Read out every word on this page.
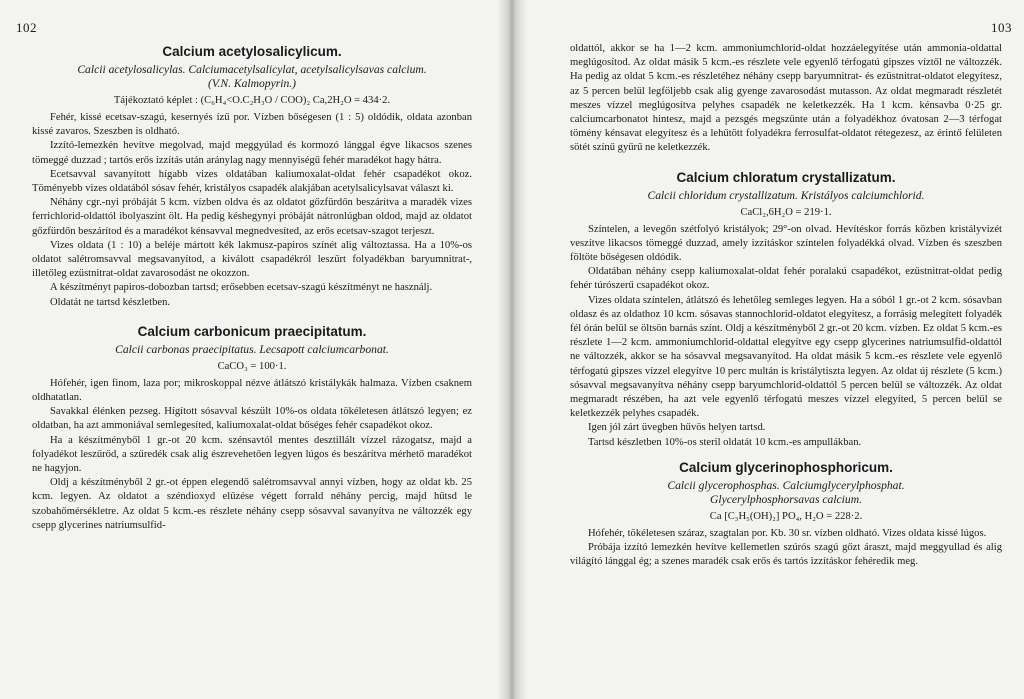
102
Calcium acetylosalicylicum.
Calcii acetylosalicylas. Calciumacetylsalicylat, acetylsalicylsavas calcium.
(V.N. Kalmopyrin.)
Tájékoztató képlet : (C₆H₄<O.C₂H₃O / COO)₂ Ca,2H₂O = 434·2.

Fehér, kissé ecetsav-szagú, kesernyés ízű por. Vízben bőségesen (1 : 5) oldódik, oldata azonban kissé zavaros. Szeszben is oldható.

Izzító-lemezkén hevítve megolvad, majd meggyúlad és kormozó lánggal égve likacsos szenes tömeggé duzzad ; tartós erős izzítás után aránylag nagy mennyiségű fehér maradékot hagy hátra.

Ecetsavval savanyított hígabb vizes oldatában kaliumoxalat-oldat fehér csapadékot okoz. Töményebb vizes oldatából sósav fehér, kristályos csapadék alakjában acetylsalicylsavat választ ki.

Néhány cgr.-nyi próbáját 5 kcm. vízben oldva és az oldatot gőzfürdőn beszárítva a maradék vizes ferrichlorid-oldattól ibolyaszínt ölt. Ha pedig késhegynyi próbáját nátronlúgban oldod, majd az oldatot gőzfürdőn beszárítod és a maradékot kénsavval megnedvesíted, az erős ecetsav-szagot terjeszt.

Vizes oldata (1 : 10) a beléje mártott kék lakmusz-papiros színét alig változtassa. Ha a 10%-os oldatot salétromsavval megsavanyítod, a kiválott csapadékról leszűrt folyadékban baryumnitrat-, illetőleg ezüstnitrat-oldat zavarosodást ne okozzon.

A készítményt papiros-dobozban tartsd; erősebben ecetsav-szagú készítményt ne használj.

Oldatát ne tartsd készletben.

Calcium carbonicum praecipitatum.
Calcii carbonas praecipitatus. Lecsapott calciumcarbonat.
CaCO₃ = 100·1.

Hófehér, igen finom, laza por; mikroskoppal nézve átlátszó kristálykák halmaza. Vízben csaknem oldhatatlan.

Savakkal élénken pezseg. Hígított sósavval készült 10%-os oldata tökéletesen átlátszó legyen; ez oldatban, ha azt ammoniával semlegesíted, kaliumoxalat-oldat bőséges fehér csapadékot okoz.

Ha a készítményből 1 gr.-ot 20 kcm. szénsavtól mentes desztillált vízzel rázogatsz, majd a folyadékot leszűröd, a szűredék csak alig észrevehetően legyen lúgos és beszárítva mérhető maradékot ne hagyjon.

Oldj a készítményből 2 gr.-ot éppen elegendő salétromsavval annyi vízben, hogy az oldat kb. 25 kcm. legyen. Az oldatot a széndioxyd elűzése végett forrald néhány percig, majd hűtsd le szobahőmérsékletre. Az oldat 5 kcm.-es részlete néhány csepp sósavval savanyítva ne változzék egy csepp glycerines natriumsulfid-

103

oldattól, akkor se ha 1—2 kcm. ammoniumchlorid-oldat hozzáelegyítése után ammonia-oldattal meglúgosítod. Az oldat másik 5 kcm.-es részlete vele egyenlő térfogatú gipszes víztől ne változzék. Ha pedig az oldat 5 kcm.-es részletéhez néhány csepp baryumnitrat- és ezüstnitrat-oldatot elegyítesz, az 5 percen belül legföljebb csak alig gyenge zavarosodást mutasson. Az oldat megmaradt részletét meszes vízzel meglúgosítva pelyhes csapadék ne keletkezzék. Ha 1 kcm. kénsavba 0·25 gr. calciumcarbonatot hintesz, majd a pezsgés megszünte után a folyadékhoz óvatosan 2—3 térfogat tömény kénsavat elegyítesz és a lehűtött folyadékra ferrosulfat-oldatot rétegezesz, az érintő felületen sötét színű gyűrű ne keletkezzék.

Calcium chloratum crystallizatum.
Calcii chloridum crystallizatum. Kristályos calciumchlorid.
CaCl₂,6H₂O = 219·1.

Színtelen, a levegőn szétfolyó kristályok; 29°-on olvad. Hevítéskor forrás közben kristályvizét veszítve likacsos tömeggé duzzad, amely izzításkor színtelen folyadékká olvad. Vízben és szeszben föltöte bőségesen oldódik.

Oldatában néhány csepp kaliumoxalat-oldat fehér poralakú csapadékot, ezüstnitrat-oldat pedig fehér túrószerű csapadékot okoz.

Vizes oldata színtelen, átlátszó és lehetőleg semleges legyen. Ha a sóból 1 gr.-ot 2 kcm. sósavban oldasz és az oldathoz 10 kcm. sósavas stannochlorid-oldatot elegyítesz, a forrásig melegített folyadék fél órán belül se öltsön barnás színt. Oldj a készítményből 2 gr.-ot 20 kcm. vízben. Ez oldat 5 kcm.-es részlete 1—2 kcm. ammoniumchlorid-oldattal elegyítve egy csepp glycerines natriumsulfid-oldattól ne változzék, akkor se ha sósavval megsavanyítod. Ha oldat másik 5 kcm.-es részlete vele egyenlő térfogatú gipszes vízzel elegyítve 10 perc multán is kristálytiszta legyen. Az oldat új részlete (5 kcm.) sósavval megsavanyítva néhány csepp baryumchlorid-oldattól 5 percen belül se változzék. Az oldat megmaradt részében, ha azt vele egyenlő térfogatú meszes vízzel elegyíted, 5 percen belül se keletkezzék pelyhes csapadék.

Igen jól zárt üvegben hűvös helyen tartsd.

Tartsd készletben 10%-os steril oldatát 10 kcm.-es ampullákban.

Calcium glycerinophosphoricum.
Calcii glycerophosphas. Calciumglycerylphosphat.
Glycerylphosphorsavas calcium.
Ca [C₃H₅(OH)₂] PO₄, H₂O = 228·2.

Hófehér, tökéletesen száraz, szagtalan por. Kb. 30 sr. vízben oldható. Vizes oldata kissé lúgos.

Próbája izzító lemezkén hevítve kellemetlen szúrós szagú gőzt áraszt, majd meggyullad és alig világító lánggal ég; a szenes maradék csak erős és tartós izzításkor fehéredik meg.
